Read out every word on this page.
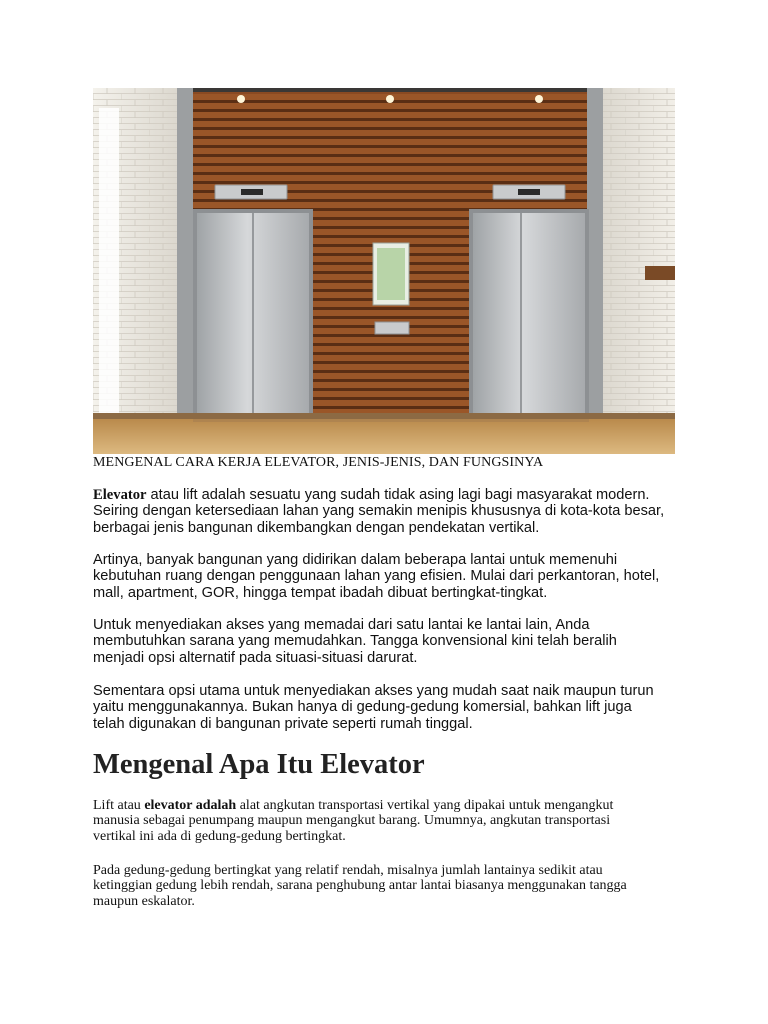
MENGENAL CARA KERJA ELEVATOR, JENIS-JENIS, DAN FUNGSINYA

Elevator atau lift adalah sesuatu yang sudah tidak asing lagi bagi masyarakat modern.
Seiring dengan ketersediaan lahan yang semakin menipis khususnya di kota-kota besar,
berbagai jenis bangunan dikembangkan dengan pendekatan vertikal.

Artinya, banyak bangunan yang didirikan dalam beberapa lantai untuk memenuhi
kebutuhan ruang dengan penggunaan lahan yang efisien. Mulai dari perkantoran, hotel,
mall, apartment, GOR, hingga tempat ibadah dibuat bertingkat-tingkat.

Untuk menyediakan akses yang memadai dari satu lantai ke lantai lain, Anda
membutuhkan sarana yang memudahkan. Tangga konvensional kini telah beralih
menjadi opsi alternatif pada situasi-situasi darurat.

Sementara opsi utama untuk menyediakan akses yang mudah saat naik maupun turun
yaitu menggunakannya. Bukan hanya di gedung-gedung komersial, bahkan lift juga
telah digunakan di bangunan private seperti rumah tinggal.

Mengenal Apa Itu Elevator

Lift atau elevator adalah alat angkutan transportasi vertikal yang dipakai untuk mengangkut
manusia sebagai penumpang maupun mengangkut barang. Umumnya, angkutan transportasi
vertikal ini ada di gedung-gedung bertingkat.

Pada gedung-gedung bertingkat yang relatif rendah, misalnya jumlah lantainya sedikit atau
ketinggian gedung lebih rendah, sarana penghubung antar lantai biasanya menggunakan tangga
maupun eskalator.
